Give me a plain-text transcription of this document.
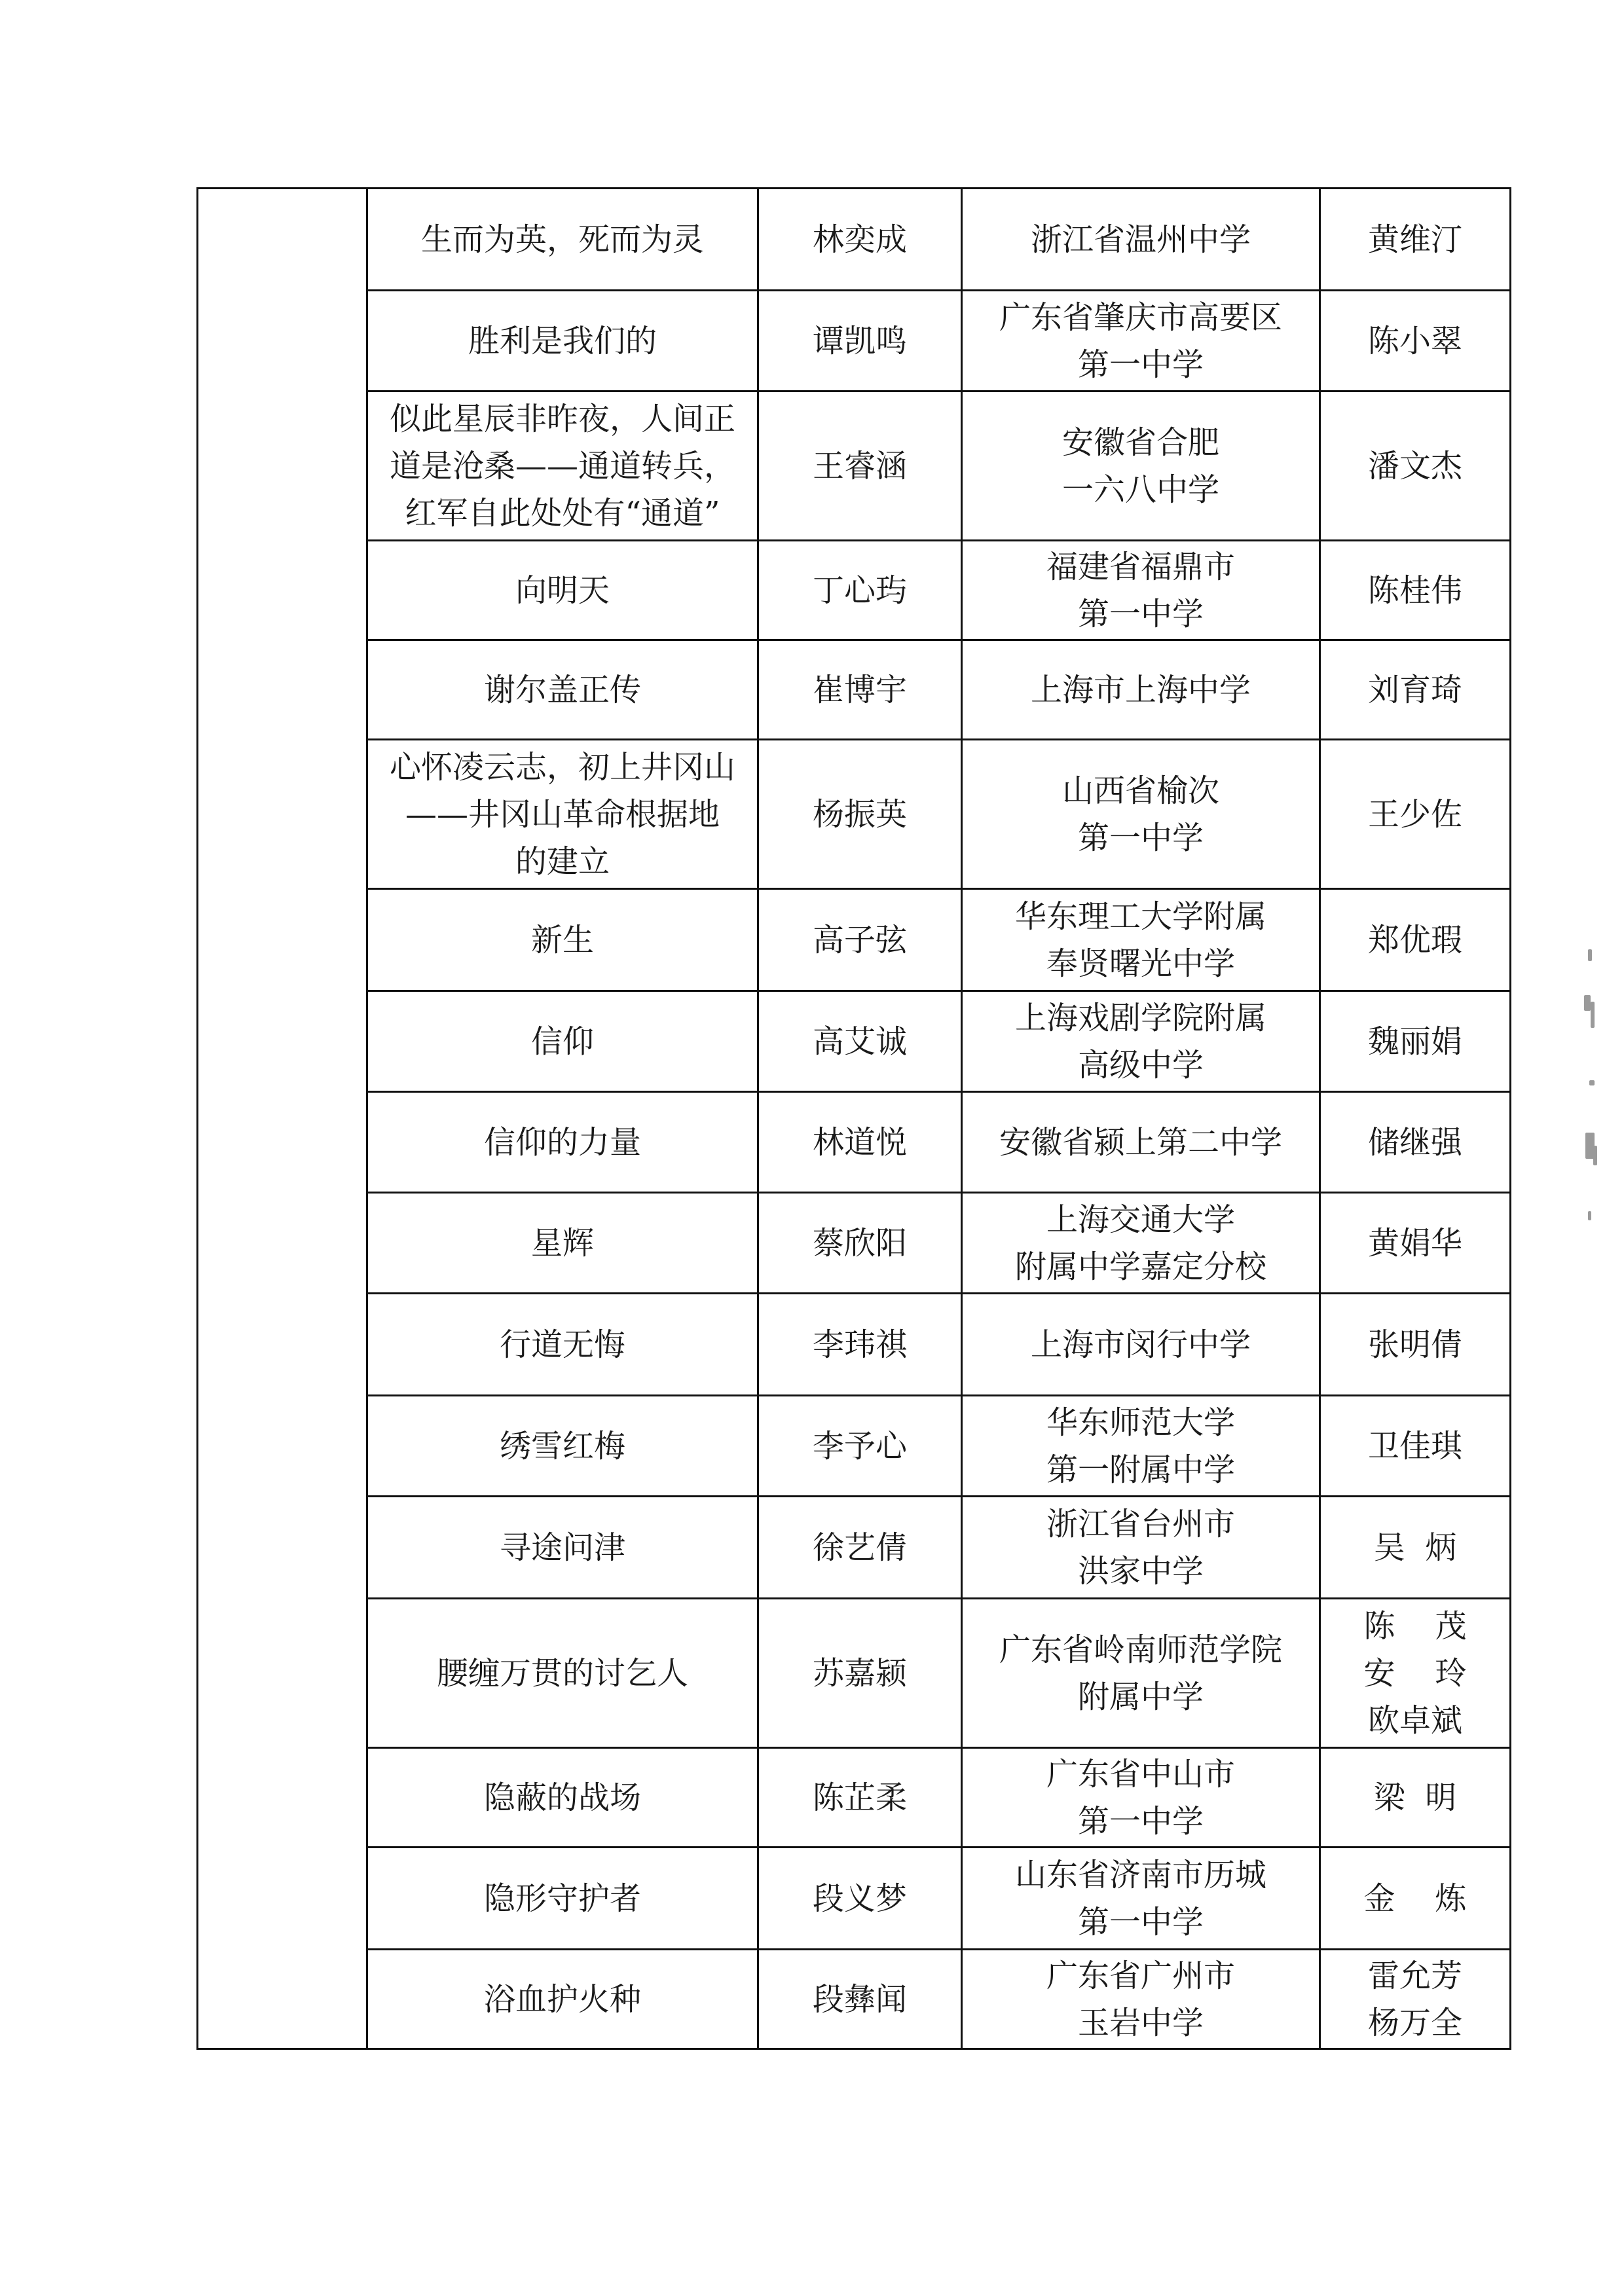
	生而为英，死而为灵	林奕成	浙江省温州中学	黄维汀

	胜利是我们的	谭凯鸣	广东省肇庆市高要区
第一中学	陈小翠

	似此星辰非昨夜，人间正
道是沧桑——通道转兵，
红军自此处处有“通道”	王睿涵	安徽省合肥
一六八中学	潘文杰

	向明天	丁心玙	福建省福鼎市
第一中学	陈桂伟

	谢尔盖正传	崔博宇	上海市上海中学	刘育琦

	心怀凌云志，初上井冈山
——井冈山革命根据地
的建立	杨振英	山西省榆次
第一中学	王少佐

	新生	高子弦	华东理工大学附属
奉贤曙光中学	郑优瑕

	信仰	高艾诚	上海戏剧学院附属
高级中学	魏丽娟

	信仰的力量	林道悦	安徽省颍上第二中学	储继强

	星辉	蔡欣阳	上海交通大学
附属中学嘉定分校	黄娟华

	行道无悔	李玮祺	上海市闵行中学	张明倩

	绣雪红梅	李予心	华东师范大学
第一附属中学	卫佳琪

	寻途问津	徐艺倩	浙江省台州市
洪家中学	吴  炳

	腰缠万贯的讨乞人	苏嘉颍	广东省岭南师范学院
附属中学	陈    茂
安    玲
欧卓斌

	隐蔽的战场	陈芷柔	广东省中山市
第一中学	梁  明

	隐形守护者	段义梦	山东省济南市历城
第一中学	金    炼

	浴血护火种	段彝闻	广东省广州市
玉岩中学	雷允芳
杨万全
